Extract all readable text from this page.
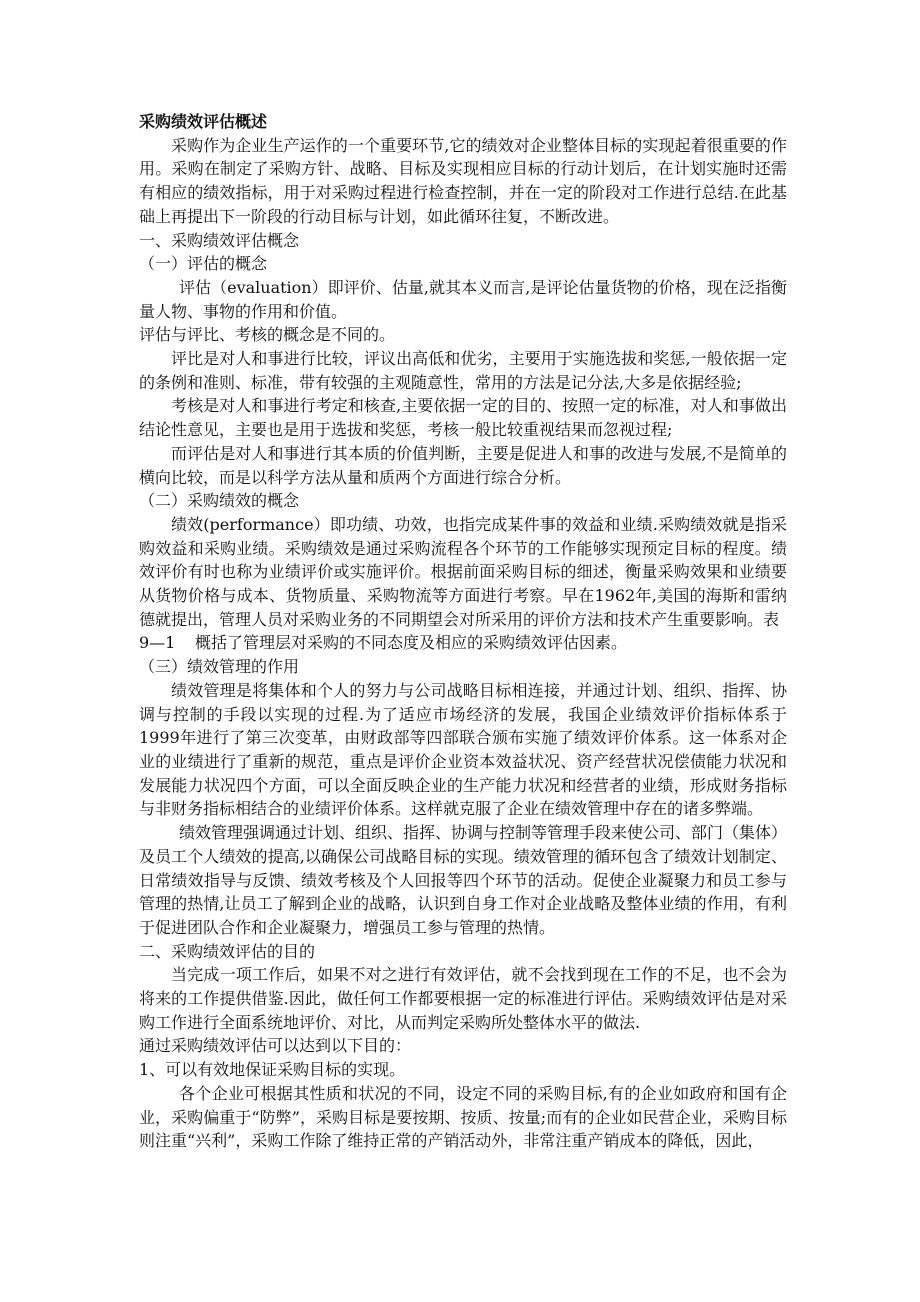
采购绩效评估概述

采购作为企业生产运作的一个重要环节,它的绩效对企业整体目标的实现起着很重要的作用。采购在制定了采购方针、战略、目标及实现相应目标的行动计划后，在计划实施时还需有相应的绩效指标，用于对采购过程进行检查控制，并在一定的阶段对工作进行总结.在此基础上再提出下一阶段的行动目标与计划，如此循环往复，不断改进。

一、采购绩效评估概念

（一）评估的概念

评估（evaluation）即评价、估量,就其本义而言,是评论估量货物的价格，现在泛指衡量人物、事物的作用和价值。

评估与评比、考核的概念是不同的。

评比是对人和事进行比较，评议出高低和优劣，主要用于实施选拔和奖惩,一般依据一定的条例和准则、标准，带有较强的主观随意性，常用的方法是记分法,大多是依据经验;

考核是对人和事进行考定和核查,主要依据一定的目的、按照一定的标准，对人和事做出结论性意见，主要也是用于选拔和奖惩，考核一般比较重视结果而忽视过程;

而评估是对人和事进行其本质的价值判断，主要是促进人和事的改进与发展,不是简单的横向比较，而是以科学方法从量和质两个方面进行综合分析。

（二）采购绩效的概念

绩效(performance）即功绩、功效，也指完成某件事的效益和业绩.采购绩效就是指采购效益和采购业绩。采购绩效是通过采购流程各个环节的工作能够实现预定目标的程度。绩效评价有时也称为业绩评价或实施评价。根据前面采购目标的细述，衡量采购效果和业绩要从货物价格与成本、货物质量、采购物流等方面进行考察。早在1962年,美国的海斯和雷纳德就提出，管理人员对采购业务的不同期望会对所采用的评价方法和技术产生重要影响。表

9—1	概括了管理层对采购的不同态度及相应的采购绩效评估因素。

（三）绩效管理的作用

绩效管理是将集体和个人的努力与公司战略目标相连接，并通过计划、组织、指挥、协调与控制的手段以实现的过程.为了适应市场经济的发展，我国企业绩效评价指标体系于1999年进行了第三次变革，由财政部等四部联合颁布实施了绩效评价体系。这一体系对企业的业绩进行了重新的规范，重点是评价企业资本效益状况、资产经营状况偿债能力状况和发展能力状况四个方面，可以全面反映企业的生产能力状况和经营者的业绩，形成财务指标与非财务指标相结合的业绩评价体系。这样就克服了企业在绩效管理中存在的诸多弊端。

绩效管理强调通过计划、组织、指挥、协调与控制等管理手段来使公司、部门（集体）及员工个人绩效的提高,以确保公司战略目标的实现。绩效管理的循环包含了绩效计划制定、日常绩效指导与反馈、绩效考核及个人回报等四个环节的活动。促使企业凝聚力和员工参与管理的热情,让员工了解到企业的战略，认识到自身工作对企业战略及整体业绩的作用，有利于促进团队合作和企业凝聚力，增强员工参与管理的热情。

二、采购绩效评估的目的

当完成一项工作后，如果不对之进行有效评估，就不会找到现在工作的不足，也不会为将来的工作提供借鉴.因此，做任何工作都要根据一定的标准进行评估。采购绩效评估是对采购工作进行全面系统地评价、对比，从而判定采购所处整体水平的做法.

通过采购绩效评估可以达到以下目的：

1、可以有效地保证采购目标的实现。

各个企业可根据其性质和状况的不同，设定不同的采购目标,有的企业如政府和国有企业，采购偏重于“防弊”，采购目标是要按期、按质、按量;而有的企业如民营企业，采购目标则注重“兴利”，采购工作除了维持正常的产销活动外，非常注重产销成本的降低，因此，
